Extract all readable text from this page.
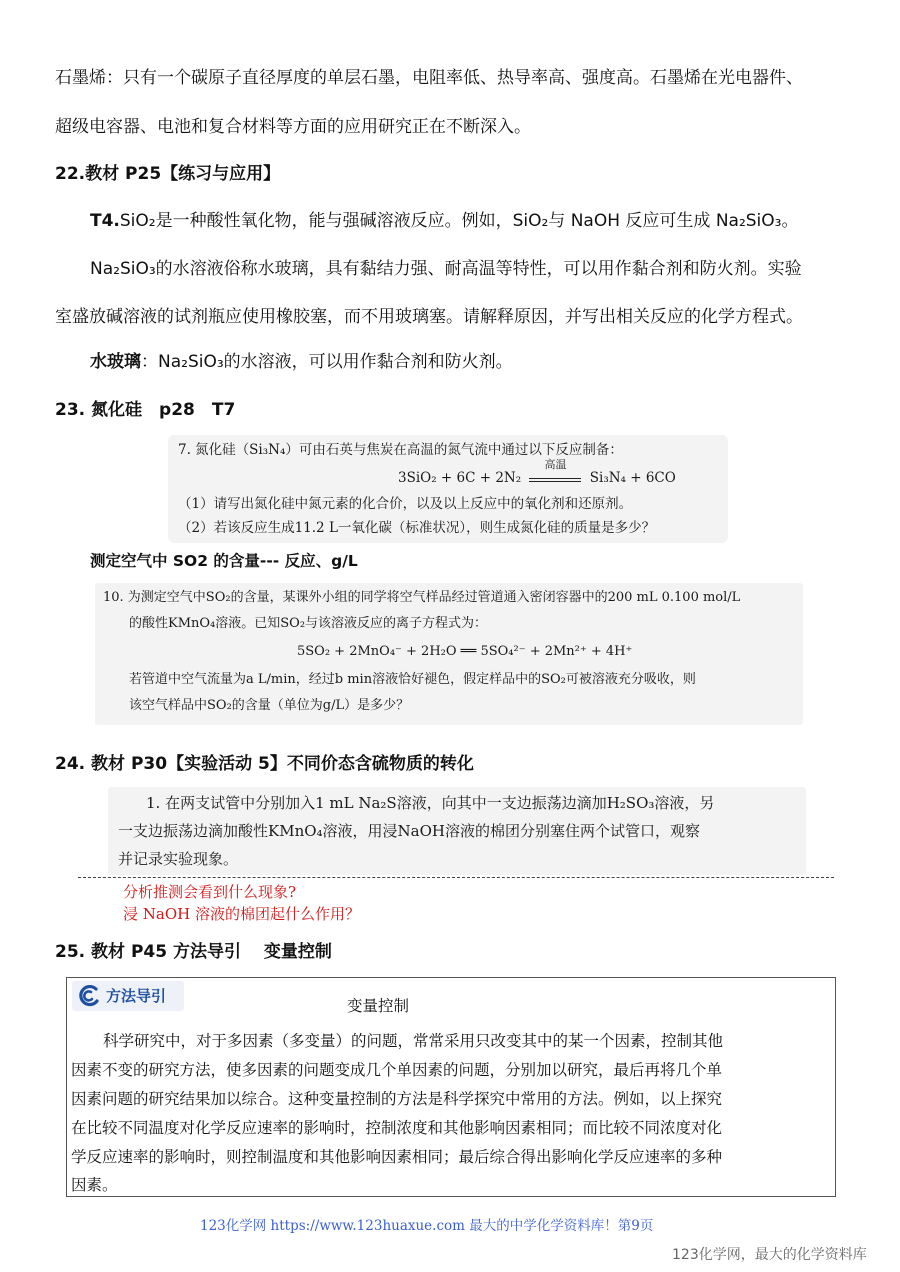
石墨烯：只有一个碳原子直径厚度的单层石墨，电阻率低、热导率高、强度高。石墨烯在光电器件、
超级电容器、电池和复合材料等方面的应用研究正在不断深入。
22.教材 P25【练习与应用】
T4.SiO₂是一种酸性氧化物，能与强碱溶液反应。例如，SiO₂与 NaOH 反应可生成 Na₂SiO₃。
Na₂SiO₃的水溶液俗称水玻璃，具有黏结力强、耐高温等特性，可以用作黏合剂和防火剂。实验
室盛放碱溶液的试剂瓶应使用橡胶塞，而不用玻璃塞。请解释原因，并写出相关反应的化学方程式。
水玻璃：Na₂SiO₃的水溶液，可以用作黏合剂和防火剂。
23. 氮化硅　p28　T7
7. 氮化硅（Si₃N₄）可由石英与焦炭在高温的氮气流中通过以下反应制备：
3SiO₂ + 6C + 2N₂
高温
Si₃N₄ + 6CO
（1）请写出氮化硅中氮元素的化合价，以及以上反应中的氧化剂和还原剂。
（2）若该反应生成11.2 L一氧化碳（标准状况），则生成氮化硅的质量是多少？
测定空气中 SO2 的含量--- 反应、g/L
10. 为测定空气中SO₂的含量，某课外小组的同学将空气样品经过管道通入密闭容器中的200 mL 0.100 mol/L
的酸性KMnO₄溶液。已知SO₂与该溶液反应的离子方程式为：
5SO₂ + 2MnO₄⁻ + 2H₂O ══ 5SO₄²⁻ + 2Mn²⁺ + 4H⁺
若管道中空气流量为a L/min，经过b min溶液恰好褪色，假定样品中的SO₂可被溶液充分吸收，则
该空气样品中SO₂的含量（单位为g/L）是多少？
24. 教材 P30【实验活动 5】不同价态含硫物质的转化
1. 在两支试管中分别加入1 mL Na₂S溶液，向其中一支边振荡边滴加H₂SO₃溶液，另
一支边振荡边滴加酸性KMnO₄溶液，用浸NaOH溶液的棉团分别塞住两个试管口，观察
并记录实验现象。
分析推测会看到什么现象?
浸 NaOH 溶液的棉团起什么作用？
25. 教材 P45 方法导引　 变量控制
方法导引
变量控制
科学研究中，对于多因素（多变量）的问题，常常采用只改变其中的某一个因素，控制其他
因素不变的研究方法，使多因素的问题变成几个单因素的问题，分别加以研究，最后再将几个单
因素问题的研究结果加以综合。这种变量控制的方法是科学探究中常用的方法。例如，以上探究
在比较不同温度对化学反应速率的影响时，控制浓度和其他影响因素相同；而比较不同浓度对化
学反应速率的影响时，则控制温度和其他影响因素相同；最后综合得出影响化学反应速率的多种
因素。
123化学网 https://www.123huaxue.com 最大的中学化学资料库！第9页
123化学网，最大的化学资料库
